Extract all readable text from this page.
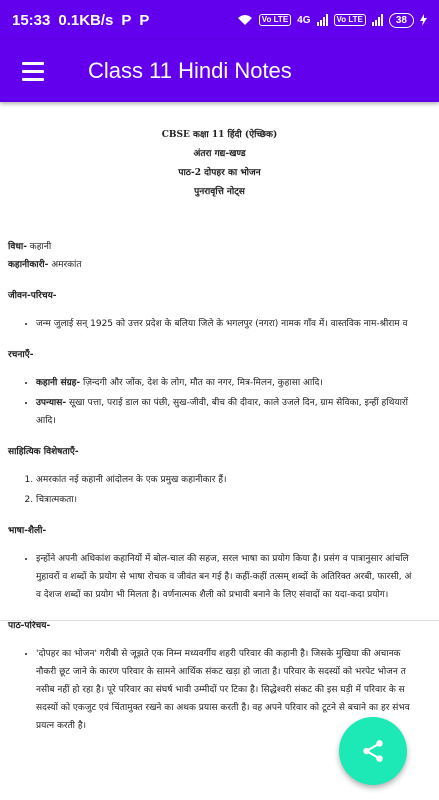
15:33 0.1KB/s P P	Vo LTE 4G	Vo LTE	38
Class 11 Hindi Notes
CBSE कक्षा 11 हिंदी (ऐच्छिक)
अंतरा गद्य-खण्ड
पाठ-2 दोपहर का भोजन
पुनरावृत्ति नोट्स

विधा- कहानी

कहानीकारी- अमरकांत

जीवन-परिचय-

• जन्म जुलाई सन् 1925 को उत्तर प्रदेश के बलिया जिले के भगलपुर (नगरा) नामक गाँव में। वास्तविक नाम-श्रीराम व

रचनाएँ-

• कहानी संग्रह- ज़िन्दगी और जोंक, देश के लोग, मौत का नगर, मित्र-मिलन, कुहासा आदि।
• उपन्यास- सूखा पत्ता, पराई डाल का पंछी, सुख-जीवी, बीच की दीवार, काले उजले दिन, ग्राम सेविका, इन्हीं हथियारों
आदि।

साहित्यिक विशेषताएँ-

1. अमरकांत नई कहानी आंदोलन के एक प्रमुख कहानीकार हैं।
2. चित्रात्मकता।

भाषा-शैली-

• इन्होंने अपनी अधिकांश कहानियों में बोल-चाल की सहज, सरल भाषा का प्रयोग किया है। प्रसंग व पात्रानुसार आंचलि
मुहावरों व शब्दों के प्रयोग से भाषा रोचक व जीवंत बन गई है। कहीं-कहीं तत्सम् शब्दों के अतिरिक्त अरबी, फारसी, अं
व देशज शब्दों का प्रयोग भी मिलता है। वर्णनात्मक शैली को प्रभावी बनाने के लिए संवादों का यदा-कदा प्रयोग।

पाठ-परिचय-

• 'दोपहर का भोजन' गरीबी से जूझते एक निम्न मध्यवर्गीय शहरी परिवार की कहानी है। जिसके मुखिया की अचानक
नौकरी छूट जाने के कारण परिवार के सामने आर्थिक संकट खड़ा हो जाता है। परिवार के सदस्यों को भरपेट भोजन त
नसीब नहीं हो रहा है। पूरे परिवार का संघर्ष भावी उम्मीदों पर टिका है। सिद्धेश्वरी संकट की इस घड़ी में परिवार के स
सदस्यों को एकजुट एवं चिंतामुक्त रखने का अथक प्रयास करती है। वह अपने परिवार को टूटने से बचाने का हर संभव
प्रयत्न करती है।
